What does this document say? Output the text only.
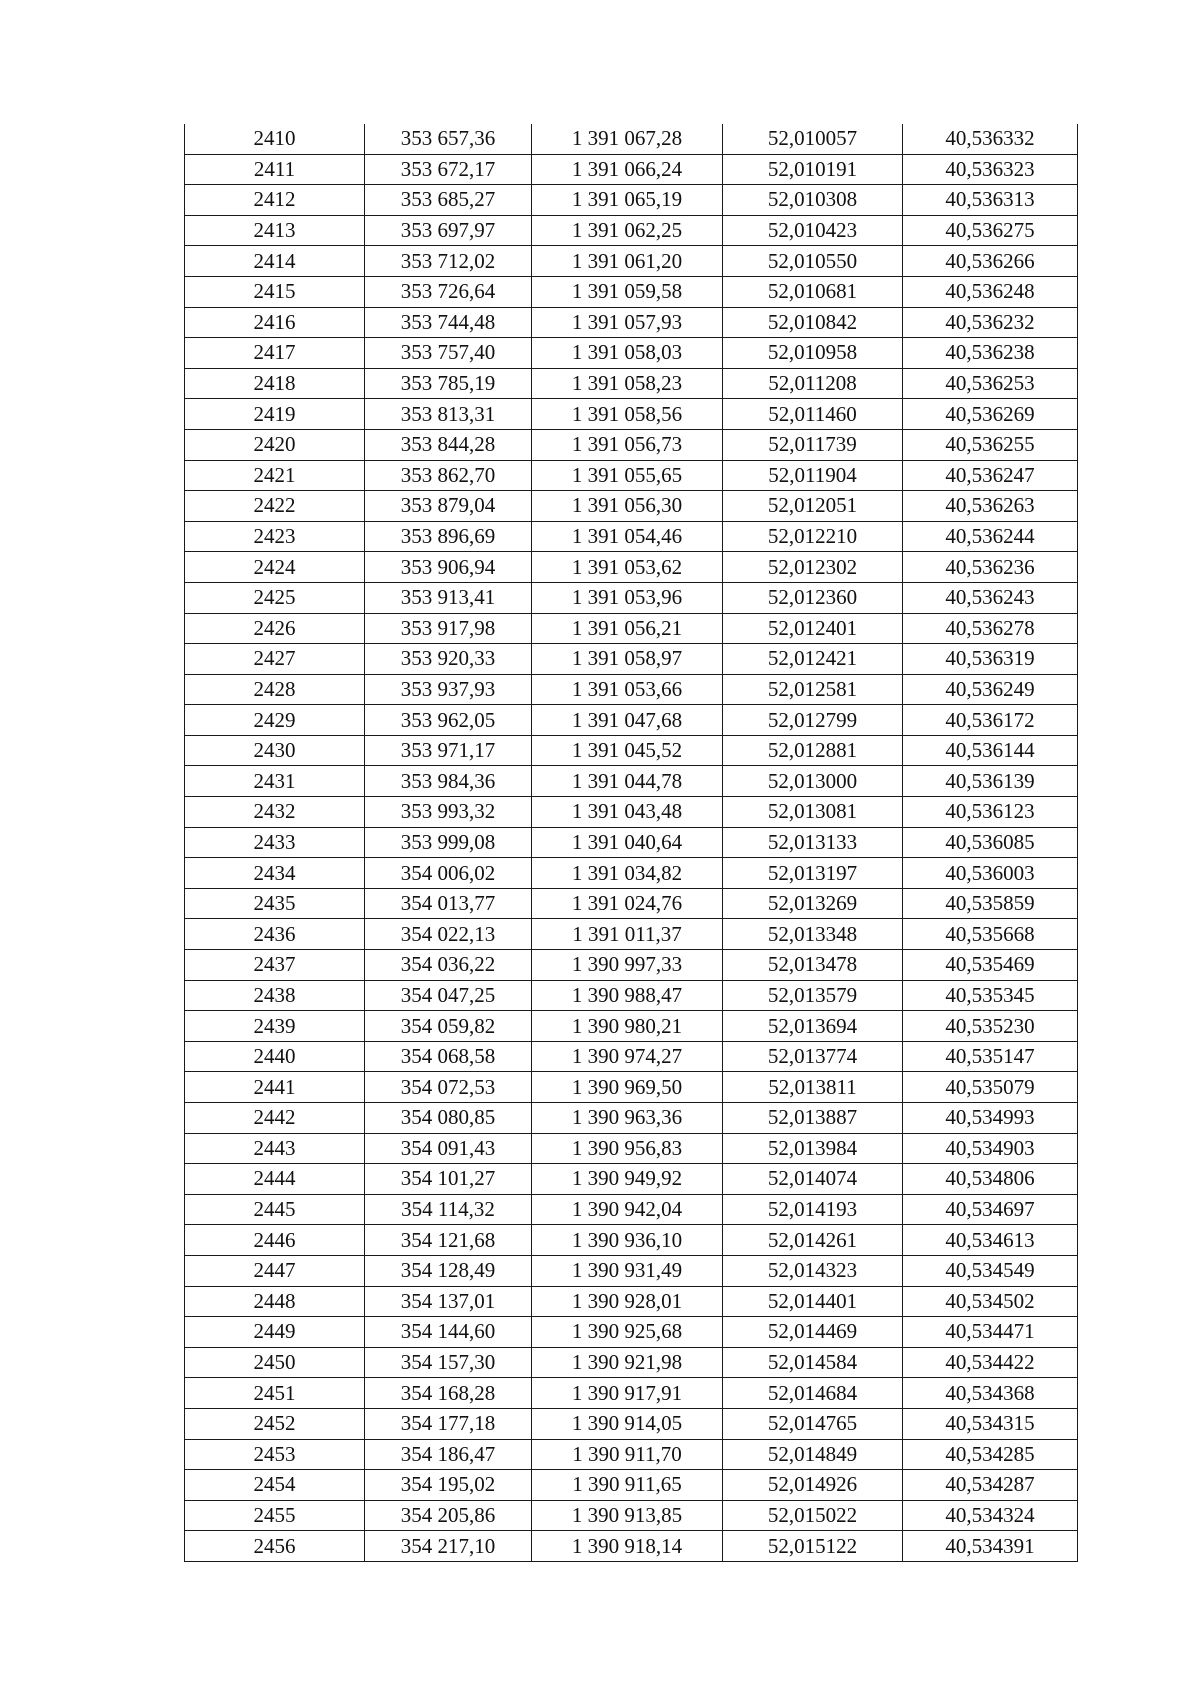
2410	353 657,36	1 391 067,28	52,010057	40,536332
2411	353 672,17	1 391 066,24	52,010191	40,536323
2412	353 685,27	1 391 065,19	52,010308	40,536313
2413	353 697,97	1 391 062,25	52,010423	40,536275
2414	353 712,02	1 391 061,20	52,010550	40,536266
2415	353 726,64	1 391 059,58	52,010681	40,536248
2416	353 744,48	1 391 057,93	52,010842	40,536232
2417	353 757,40	1 391 058,03	52,010958	40,536238
2418	353 785,19	1 391 058,23	52,011208	40,536253
2419	353 813,31	1 391 058,56	52,011460	40,536269
2420	353 844,28	1 391 056,73	52,011739	40,536255
2421	353 862,70	1 391 055,65	52,011904	40,536247
2422	353 879,04	1 391 056,30	52,012051	40,536263
2423	353 896,69	1 391 054,46	52,012210	40,536244
2424	353 906,94	1 391 053,62	52,012302	40,536236
2425	353 913,41	1 391 053,96	52,012360	40,536243
2426	353 917,98	1 391 056,21	52,012401	40,536278
2427	353 920,33	1 391 058,97	52,012421	40,536319
2428	353 937,93	1 391 053,66	52,012581	40,536249
2429	353 962,05	1 391 047,68	52,012799	40,536172
2430	353 971,17	1 391 045,52	52,012881	40,536144
2431	353 984,36	1 391 044,78	52,013000	40,536139
2432	353 993,32	1 391 043,48	52,013081	40,536123
2433	353 999,08	1 391 040,64	52,013133	40,536085
2434	354 006,02	1 391 034,82	52,013197	40,536003
2435	354 013,77	1 391 024,76	52,013269	40,535859
2436	354 022,13	1 391 011,37	52,013348	40,535668
2437	354 036,22	1 390 997,33	52,013478	40,535469
2438	354 047,25	1 390 988,47	52,013579	40,535345
2439	354 059,82	1 390 980,21	52,013694	40,535230
2440	354 068,58	1 390 974,27	52,013774	40,535147
2441	354 072,53	1 390 969,50	52,013811	40,535079
2442	354 080,85	1 390 963,36	52,013887	40,534993
2443	354 091,43	1 390 956,83	52,013984	40,534903
2444	354 101,27	1 390 949,92	52,014074	40,534806
2445	354 114,32	1 390 942,04	52,014193	40,534697
2446	354 121,68	1 390 936,10	52,014261	40,534613
2447	354 128,49	1 390 931,49	52,014323	40,534549
2448	354 137,01	1 390 928,01	52,014401	40,534502
2449	354 144,60	1 390 925,68	52,014469	40,534471
2450	354 157,30	1 390 921,98	52,014584	40,534422
2451	354 168,28	1 390 917,91	52,014684	40,534368
2452	354 177,18	1 390 914,05	52,014765	40,534315
2453	354 186,47	1 390 911,70	52,014849	40,534285
2454	354 195,02	1 390 911,65	52,014926	40,534287
2455	354 205,86	1 390 913,85	52,015022	40,534324
2456	354 217,10	1 390 918,14	52,015122	40,534391
